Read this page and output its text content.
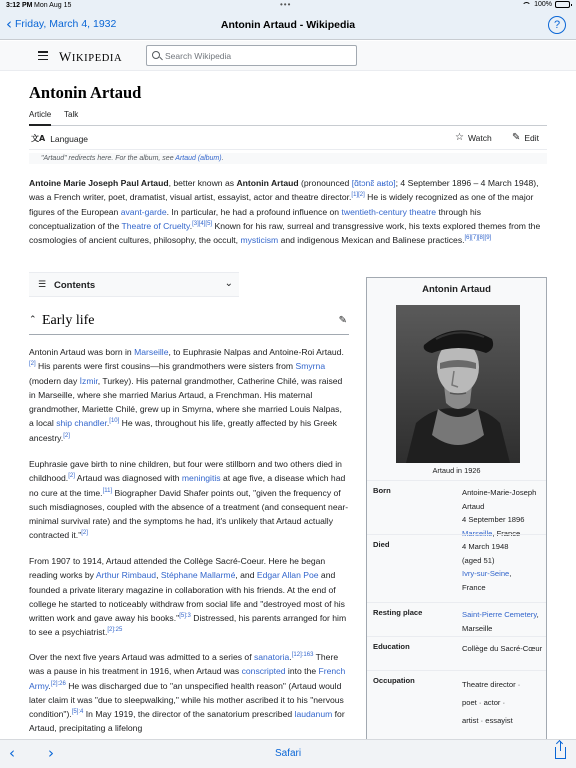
3:12 PM Mon Aug 15	•••	100%
‹ Friday, March 4, 1932	Antonin Artaud - Wikipedia	?
WIKIPEDIA
Search Wikipedia
Antonin Artaud
Article Talk
文A Language	☆ Watch ✎ Edit
"Artaud" redirects here. For the album, see Artaud (album).

Antoine Marie Joseph Paul Artaud, better known as Antonin Artaud (pronounced [ɑ̃tɔnɛ̃ aʁto]; 4 September 1896 – 4 March 1948), was a French writer, poet, dramatist, visual artist, essayist, actor and theatre director.[1][2] He is widely recognized as one of the major figures of the European avant-garde. In particular, he had a profound influence on twentieth-century theatre through his conceptualization of the Theatre of Cruelty.[3][4][5] Known for his raw, surreal and transgressive work, his texts explored themes from the cosmologies of ancient cultures, philosophy, the occult, mysticism and indigenous Mexican and Balinese practices.[6][7][8][9]

☰ Contents	⌄
⌃ Early life	✎

Antonin Artaud was born in Marseille, to Euphrasie Nalpas and Antoine-Roi Artaud.[2] His parents were first cousins—his grandmothers were sisters from Smyrna (modern day İzmir, Turkey). His paternal grandmother, Catherine Chilé, was raised in Marseille, where she married Marius Artaud, a Frenchman. His maternal grandmother, Mariette Chilé, grew up in Smyrna, where she married Louis Nalpas, a local ship chandler.[10] He was, throughout his life, greatly affected by his Greek ancestry.[2]

Euphrasie gave birth to nine children, but four were stillborn and two others died in childhood.[2] Artaud was diagnosed with meningitis at age five, a disease which had no cure at the time.[11] Biographer David Shafer points out, "given the frequency of such misdiagnoses, coupled with the absence of a treatment (and consequent near-minimal survival rate) and the symptoms he had, it's unlikely that Artaud actually contracted it."[2]

From 1907 to 1914, Artaud attended the Collège Sacré-Coeur. Here he began reading works by Arthur Rimbaud, Stéphane Mallarmé, and Edgar Allan Poe and founded a private literary magazine in collaboration with his friends. At the end of college he started to noticeably withdraw from social life and "destroyed most of his written work and gave away his books."$^{[5]:3}$ Distressed, his parents arranged for him to see a psychiatrist.$^{[2]:25}$

Over the next five years Artaud was admitted to a series of sanatoria.$^{[12]:163}$ There was a pause in his treatment in 1916, when Artaud was conscripted into the French Army.$^{[2]:26}$ He was discharged due to "an unspecified health reason" (Artaud would later claim it was "due to sleepwalking," while his mother ascribed it to his "nervous condition").$^{[5]:4}$ In May 1919, the director of the sanatorium prescribed laudanum for Artaud, precipitating a lifelong

Antonin Artaud
Artaud in 1926
Born	Antoine-Marie-Joseph Artaud
4 September 1896
Marseille, France
Died	4 March 1948
(aged 51)
Ivry-sur-Seine,
France
Resting place	Saint-Pierre Cemetery, Marseille
Education	Collège du Sacré-Cœur
Occupation	Theatre director ·
poet · actor ·
artist · essayist
‹ ›	Safari
